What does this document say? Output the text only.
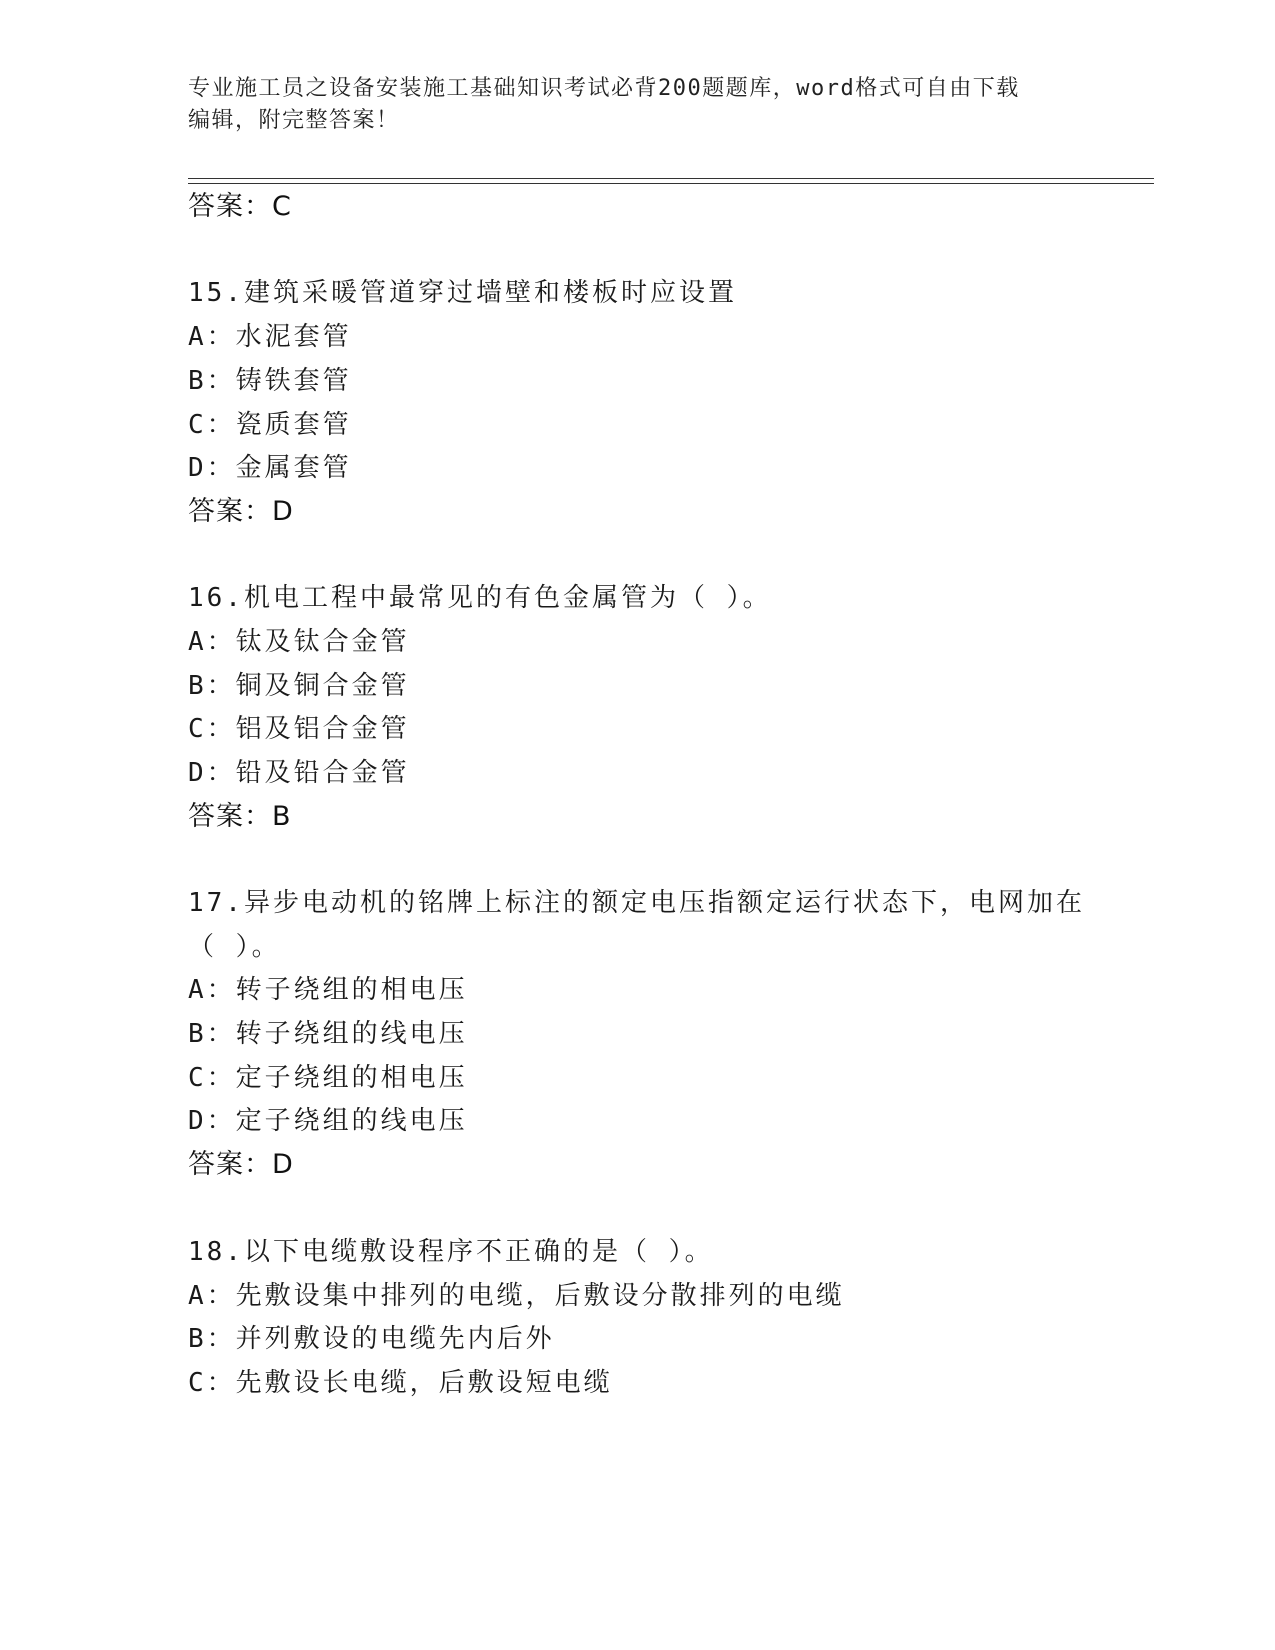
专业施工员之设备安装施工基础知识考试必背200题题库，word格式可自由下载
编辑，附完整答案！
答案：C
15.建筑采暖管道穿过墙壁和楼板时应设置
A：水泥套管
B：铸铁套管
C：瓷质套管
D：金属套管
答案：D
16.机电工程中最常见的有色金属管为（ ）。
A：钛及钛合金管
B：铜及铜合金管
C：铝及铝合金管
D：铅及铅合金管
答案：B
17.异步电动机的铭牌上标注的额定电压指额定运行状态下，电网加在
（ ）。
A：转子绕组的相电压
B：转子绕组的线电压
C：定子绕组的相电压
D：定子绕组的线电压
答案：D
18.以下电缆敷设程序不正确的是（ ）。
A：先敷设集中排列的电缆，后敷设分散排列的电缆
B：并列敷设的电缆先内后外
C：先敷设长电缆，后敷设短电缆
